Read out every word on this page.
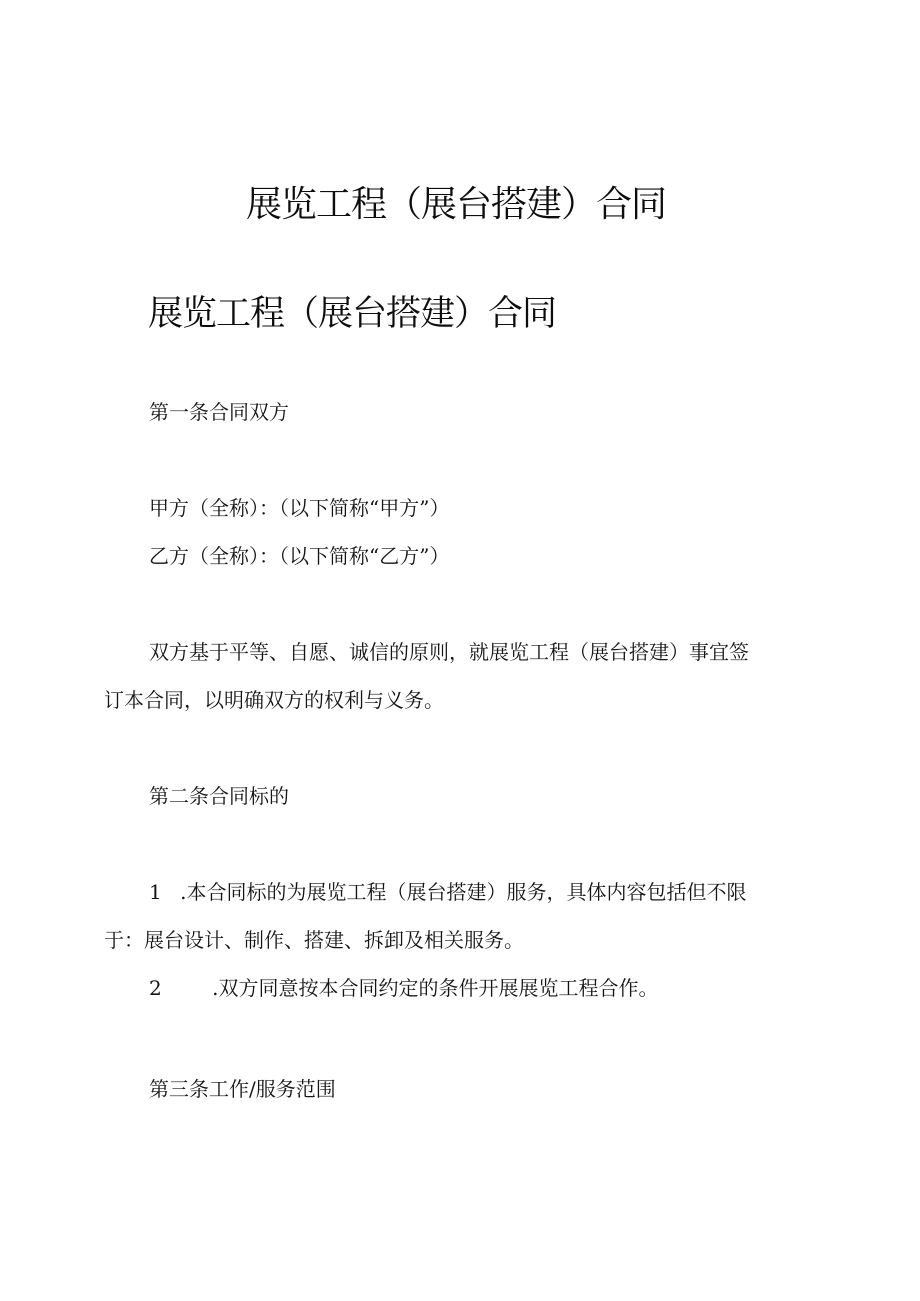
展览工程（展台搭建）合同
展览工程（展台搭建）合同
第一条合同双方
甲方（全称）：（以下简称“甲方”）
乙方（全称）：（以下简称“乙方”）
双方基于平等、自愿、诚信的原则，就展览工程（展台搭建）事宜签
订本合同，以明确双方的权利与义务。
第二条合同标的
1 .本合同标的为展览工程（展台搭建）服务，具体内容包括但不限
于：展台设计、制作、搭建、拆卸及相关服务。
2	.双方同意按本合同约定的条件开展展览工程合作。
第三条工作/服务范围
